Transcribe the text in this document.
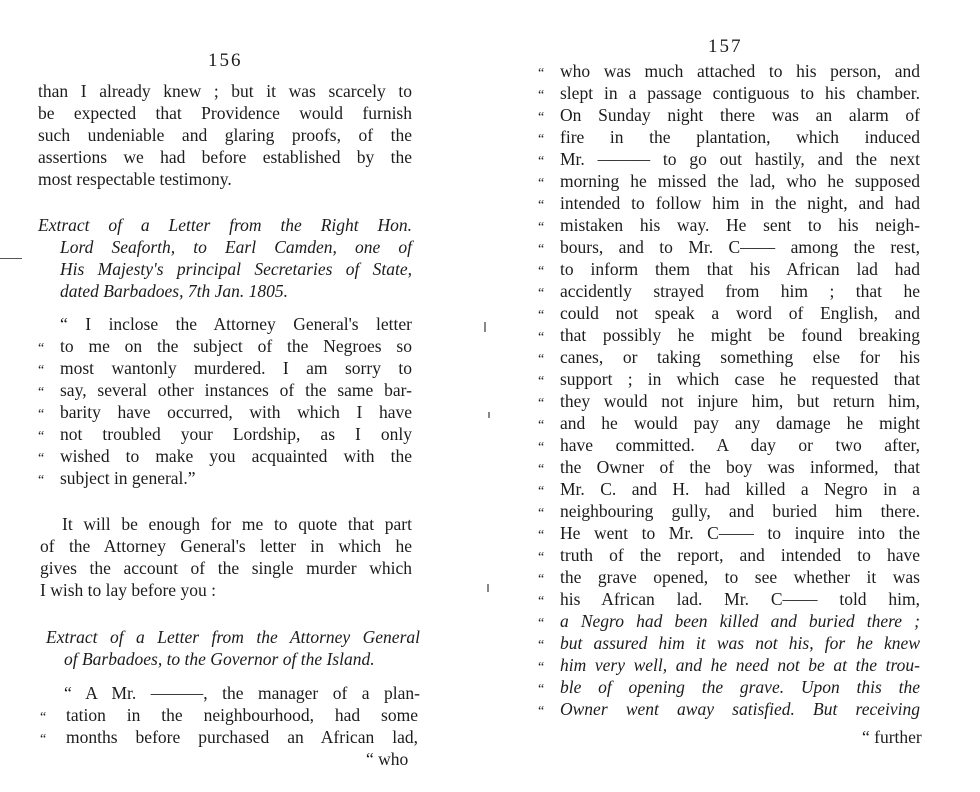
156
than I already knew ; but it was scarcely to
be expected that Providence would furnish
such undeniable and glaring proofs, of the
assertions we had before established by the
most respectable testimony.
Extract of a Letter from the Right Hon.
Lord Seaforth, to Earl Camden, one of
His Majesty's principal Secretaries of State,
dated Barbadoes, 7th Jan. 1805.
“ I inclose the Attorney General's letter
“ to me on the subject of the Negroes so
“ most wantonly murdered. I am sorry to
“ say, several other instances of the same bar-
“ barity have occurred, with which I have
“ not troubled your Lordship, as I only
“ wished to make you acquainted with the
“ subject in general.”
It will be enough for me to quote that part
of the Attorney General's letter in which he
gives the account of the single murder which
I wish to lay before you :
Extract of a Letter from the Attorney General
of Barbadoes, to the Governor of the Island.
“ A Mr. ———, the manager of a plan-
“ tation in the neighbourhood, had some
“ months before purchased an African lad,
“ who
157
“ who was much attached to his person, and
“ slept in a passage contiguous to his chamber.
“ On Sunday night there was an alarm of
“ fire in the plantation, which induced
“ Mr. ——— to go out hastily, and the next
“ morning he missed the lad, who he supposed
“ intended to follow him in the night, and had
“ mistaken his way. He sent to his neigh-
“ bours, and to Mr. C—— among the rest,
“ to inform them that his African lad had
“ accidently strayed from him ; that he
“ could not speak a word of English, and
“ that possibly he might be found breaking
“ canes, or taking something else for his
“ support ; in which case he requested that
“ they would not injure him, but return him,
“ and he would pay any damage he might
“ have committed. A day or two after,
“ the Owner of the boy was informed, that
“ Mr. C. and H. had killed a Negro in a
“ neighbouring gully, and buried him there.
“ He went to Mr. C—— to inquire into the
“ truth of the report, and intended to have
“ the grave opened, to see whether it was
“ his African lad. Mr. C—— told him,
“ a Negro had been killed and buried there ;
“ but assured him it was not his, for he knew
“ him very well, and he need not be at the trou-
“ ble of opening the grave. Upon this the
“ Owner went away satisfied. But receiving
“ further
